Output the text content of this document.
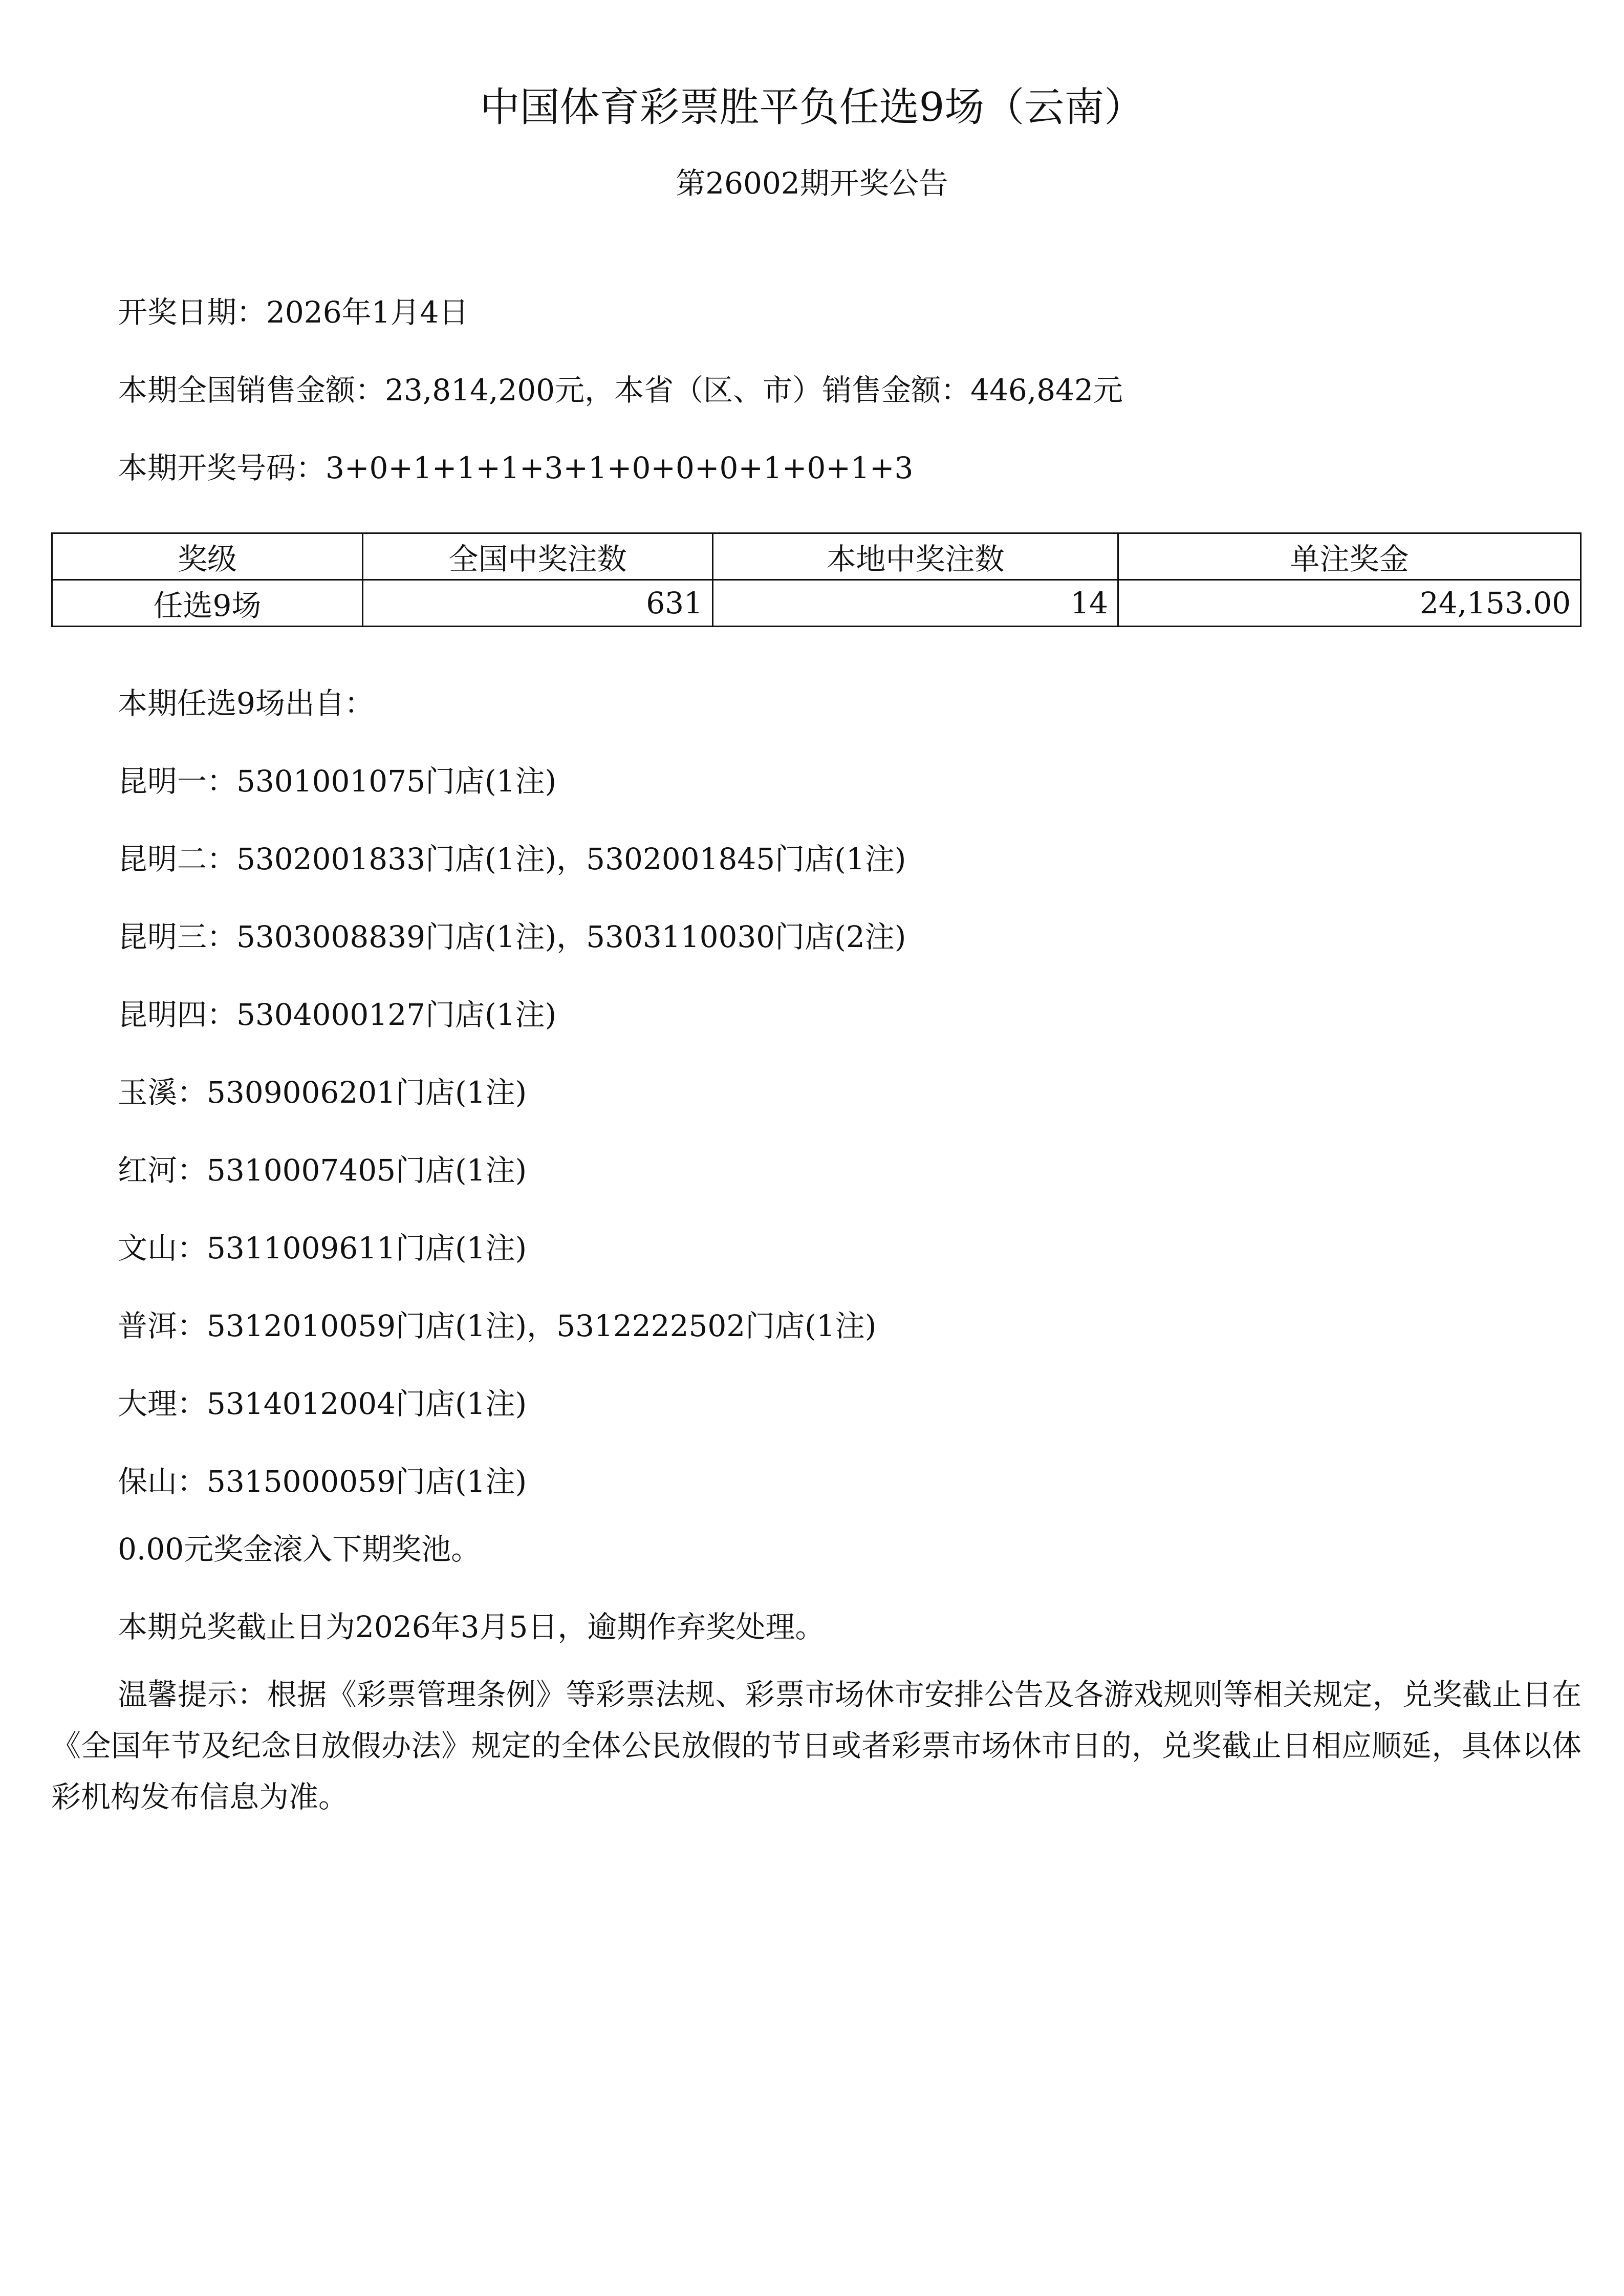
中国体育彩票胜平负任选9场（云南）
第26002期开奖公告
开奖日期：2026年1月4日
本期全国销售金额：23,814,200元，本省（区、市）销售金额：446,842元
本期开奖号码：3+0+1+1+1+3+1+0+0+0+1+0+1+3
奖级	全国中奖注数	本地中奖注数	单注奖金
任选9场	631	14	24,153.00
本期任选9场出自：
昆明一：5301001075门店(1注)
昆明二：5302001833门店(1注)，5302001845门店(1注)
昆明三：5303008839门店(1注)，5303110030门店(2注)
昆明四：5304000127门店(1注)
玉溪：5309006201门店(1注)
红河：5310007405门店(1注)
文山：5311009611门店(1注)
普洱：5312010059门店(1注)，5312222502门店(1注)
大理：5314012004门店(1注)
保山：5315000059门店(1注)
0.00元奖金滚入下期奖池。
本期兑奖截止日为2026年3月5日，逾期作弃奖处理。
温馨提示：根据《彩票管理条例》等彩票法规、彩票市场休市安排公告及各游戏规则等相关规定，兑奖截止日在《全国年节及纪念日放假办法》规定的全体公民放假的节日或者彩票市场休市日的，兑奖截止日相应顺延，具体以体彩机构发布信息为准。
